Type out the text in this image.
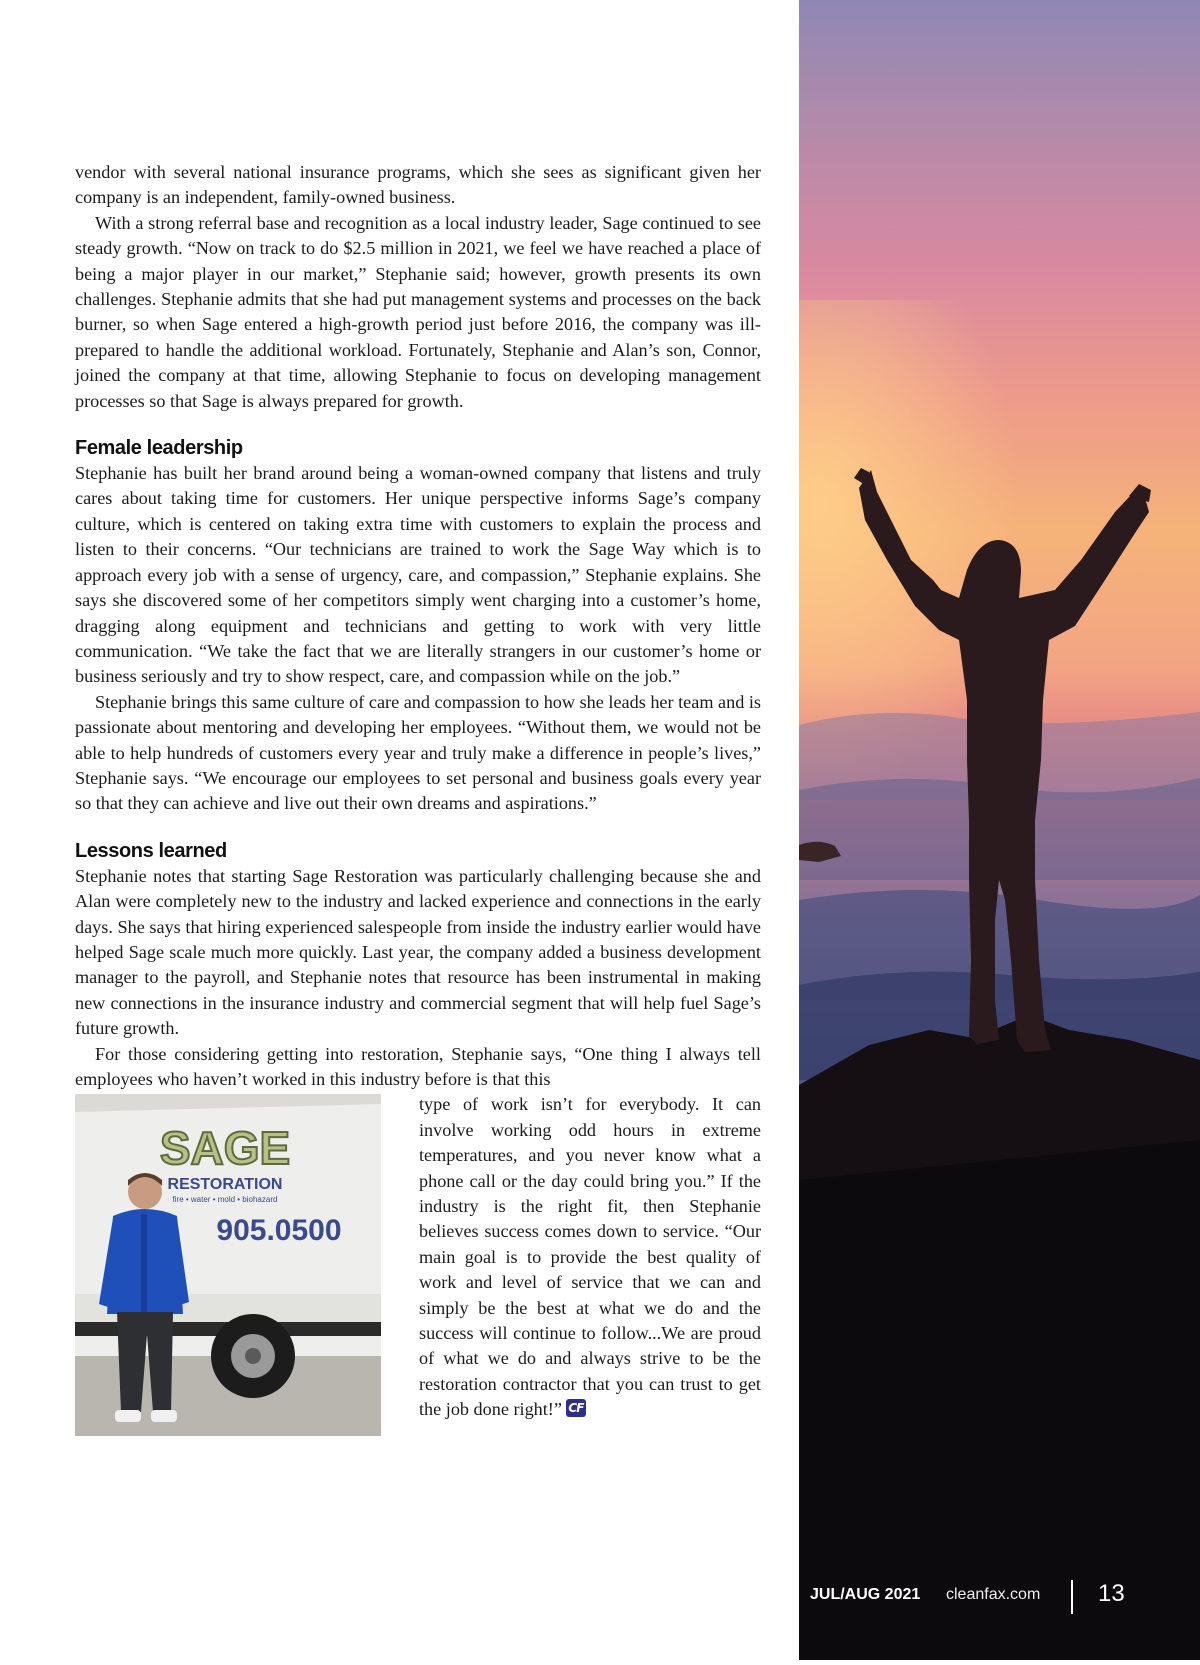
vendor with several national insurance programs, which she sees as significant given her company is an independent, family-owned business.

With a strong referral base and recognition as a local industry leader, Sage continued to see steady growth. “Now on track to do $2.5 million in 2021, we feel we have reached a place of being a major player in our market,” Stephanie said; however, growth presents its own challenges. Stephanie admits that she had put management systems and processes on the back burner, so when Sage entered a high-growth period just before 2016, the company was ill-prepared to handle the additional workload. Fortunately, Stephanie and Alan’s son, Connor, joined the company at that time, allowing Stephanie to focus on developing management processes so that Sage is always prepared for growth.

Female leadership

Stephanie has built her brand around being a woman-owned company that listens and truly cares about taking time for customers. Her unique perspective informs Sage’s company culture, which is centered on taking extra time with customers to explain the process and listen to their concerns. “Our technicians are trained to work the Sage Way which is to approach every job with a sense of urgency, care, and compassion,” Stephanie explains. She says she discovered some of her competitors simply went charging into a customer’s home, dragging along equipment and technicians and getting to work with very little communication. “We take the fact that we are literally strangers in our customer’s home or business seriously and try to show respect, care, and compassion while on the job.”

Stephanie brings this same culture of care and compassion to how she leads her team and is passionate about mentoring and developing her employees. “Without them, we would not be able to help hundreds of customers every year and truly make a difference in people’s lives,” Stephanie says. “We encourage our employees to set personal and business goals every year so that they can achieve and live out their own dreams and aspirations.”

Lessons learned

Stephanie notes that starting Sage Restoration was particularly challenging because she and Alan were completely new to the industry and lacked experience and connections in the early days. She says that hiring experienced salespeople from inside the industry earlier would have helped Sage scale much more quickly. Last year, the company added a business development manager to the payroll, and Stephanie notes that resource has been instrumental in making new connections in the insurance industry and commercial segment that will help fuel Sage’s future growth.

For those considering getting into restoration, Stephanie says, “One thing I always tell employees who haven’t worked in this industry before is that this

SAGE
RESTORATION
fire • water • mold • biohazard
905.0500

type of work isn’t for everybody. It can involve working odd hours in extreme temperatures, and you never know what a phone call or the day could bring you.” If the industry is the right fit, then Stephanie believes success comes down to service. “Our main goal is to provide the best quality of work and level of service that we can and simply be the best at what we do and the success will continue to follow...We are proud of what we do and always strive to be the restoration contractor that you can trust to get the job done right!” CF

JUL/AUG 2021 cleanfax.com 13
